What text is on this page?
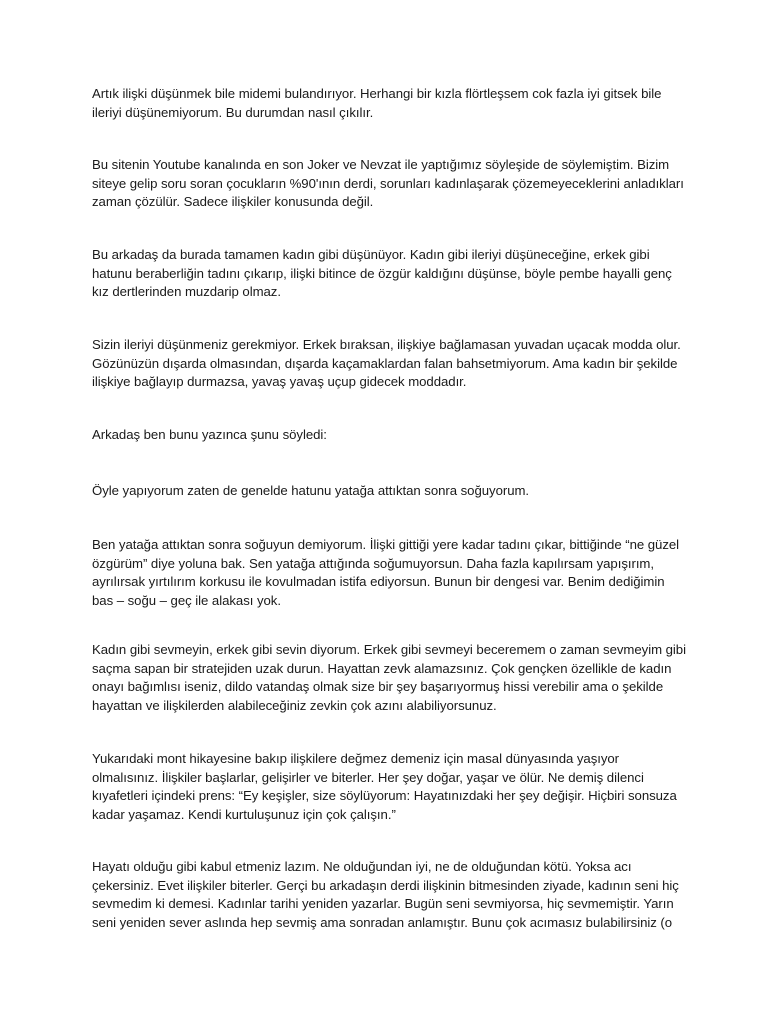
Artık ilişki düşünmek bile midemi bulandırıyor. Herhangi bir kızla flörtleşsem cok fazla iyi gitsek bile ileriyi düşünemiyorum. Bu durumdan nasıl çıkılır.

Bu sitenin Youtube kanalında en son Joker ve Nevzat ile yaptığımız söyleşide de söylemiştim. Bizim siteye gelip soru soran çocukların %90'ının derdi, sorunları kadınlaşarak çözemeyeceklerini anladıkları zaman çözülür. Sadece ilişkiler konusunda değil.

Bu arkadaş da burada tamamen kadın gibi düşünüyor. Kadın gibi ileriyi düşüneceğine, erkek gibi hatunu beraberliğin tadını çıkarıp, ilişki bitince de özgür kaldığını düşünse, böyle pembe hayalli genç kız dertlerinden muzdarip olmaz.

Sizin ileriyi düşünmeniz gerekmiyor. Erkek bıraksan, ilişkiye bağlamasan yuvadan uçacak modda olur. Gözünüzün dışarda olmasından, dışarda kaçamaklardan falan bahsetmiyorum. Ama kadın bir şekilde ilişkiye bağlayıp durmazsa, yavaş yavaş uçup gidecek moddadır.

Arkadaş ben bunu yazınca şunu söyledi:

Öyle yapıyorum zaten de genelde hatunu yatağa attıktan sonra soğuyorum.

Ben yatağa attıktan sonra soğuyun demiyorum. İlişki gittiği yere kadar tadını çıkar, bittiğinde “ne güzel özgürüm” diye yoluna bak. Sen yatağa attığında soğumuyorsun. Daha fazla kapılırsam yapışırım, ayrılırsak yırtılırım korkusu ile kovulmadan istifa ediyorsun. Bunun bir dengesi var. Benim dediğimin bas – soğu – geç ile alakası yok.

Kadın gibi sevmeyin, erkek gibi sevin diyorum. Erkek gibi sevmeyi beceremem o zaman sevmeyim gibi saçma sapan bir stratejiden uzak durun. Hayattan zevk alamazsınız. Çok gençken özellikle de kadın onayı bağımlısı iseniz, dildo vatandaş olmak size bir şey başarıyormuş hissi verebilir ama o şekilde hayattan ve ilişkilerden alabileceğiniz zevkin çok azını alabiliyorsunuz.

Yukarıdaki mont hikayesine bakıp ilişkilere değmez demeniz için masal dünyasında yaşıyor olmalısınız. İlişkiler başlarlar, gelişirler ve biterler. Her şey doğar, yaşar ve ölür. Ne demiş dilenci kıyafetleri içindeki prens: “Ey keşişler, size söylüyorum: Hayatınızdaki her şey değişir. Hiçbiri sonsuza kadar yaşamaz. Kendi kurtuluşunuz için çok çalışın.”

Hayatı olduğu gibi kabul etmeniz lazım. Ne olduğundan iyi, ne de olduğundan kötü. Yoksa acı çekersiniz. Evet ilişkiler biterler. Gerçi bu arkadaşın derdi ilişkinin bitmesinden ziyade, kadının seni hiç sevmedim ki demesi. Kadınlar tarihi yeniden yazarlar. Bugün seni sevmiyorsa, hiç sevmemiştir. Yarın seni yeniden sever aslında hep sevmiş ama sonradan anlamıştır. Bunu çok acımasız bulabilirsiniz (o
